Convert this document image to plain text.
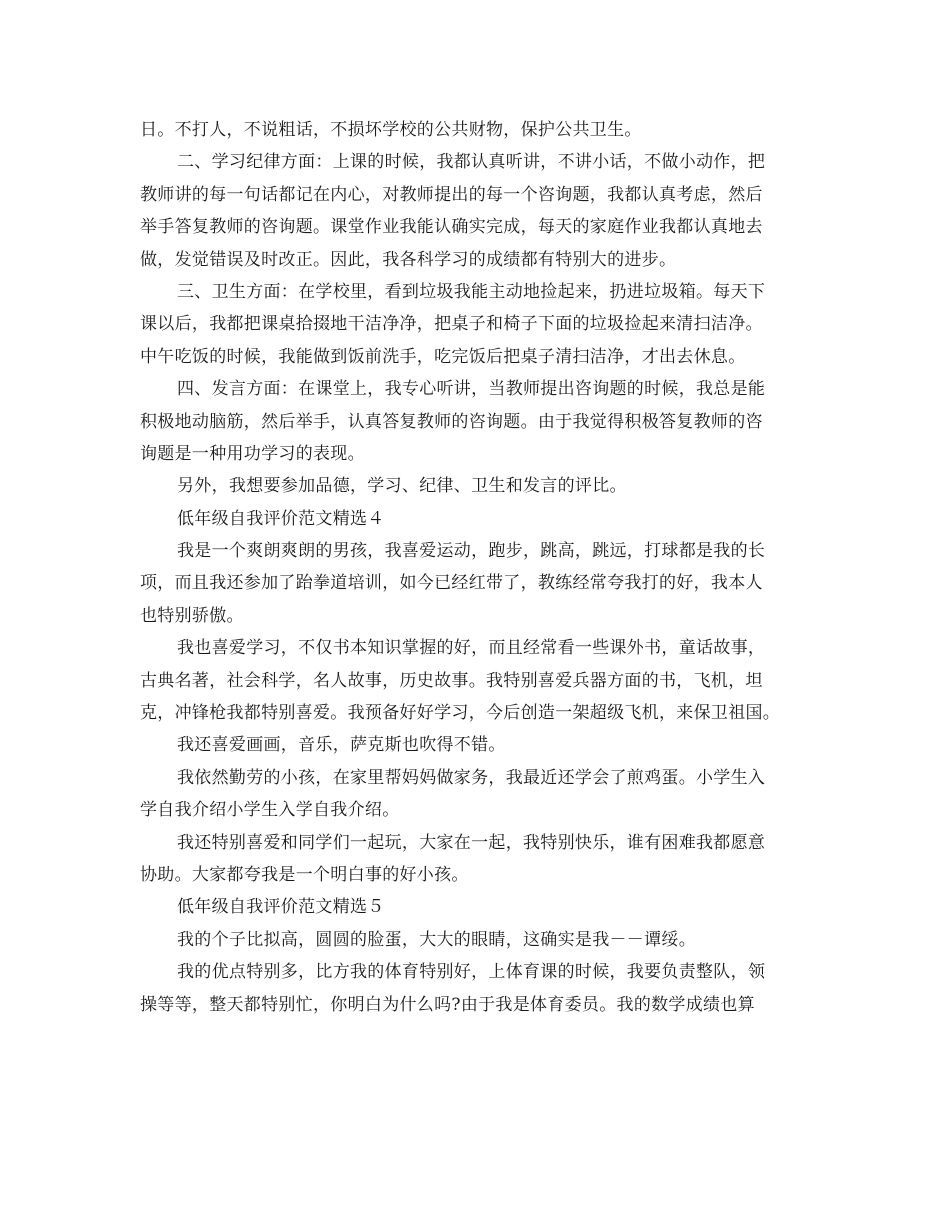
日。不打人，不说粗话，不损坏学校的公共财物，保护公共卫生。
二、学习纪律方面：上课的时候，我都认真听讲，不讲小话，不做小动作，把
教师讲的每一句话都记在内心，对教师提出的每一个咨询题，我都认真考虑，然后
举手答复教师的咨询题。课堂作业我能认确实完成，每天的家庭作业我都认真地去
做，发觉错误及时改正。因此，我各科学习的成绩都有特别大的进步。
三、卫生方面：在学校里，看到垃圾我能主动地捡起来，扔进垃圾箱。每天下
课以后，我都把课桌拾掇地干洁净净，把桌子和椅子下面的垃圾捡起来清扫洁净。
中午吃饭的时候，我能做到饭前洗手，吃完饭后把桌子清扫洁净，才出去休息。
四、发言方面：在课堂上，我专心听讲，当教师提出咨询题的时候，我总是能
积极地动脑筋，然后举手，认真答复教师的咨询题。由于我觉得积极答复教师的咨
询题是一种用功学习的表现。
另外，我想要参加品德，学习、纪律、卫生和发言的评比。
低年级自我评价范文精选４
我是一个爽朗爽朗的男孩，我喜爱运动，跑步，跳高，跳远，打球都是我的长
项，而且我还参加了跆拳道培训，如今已经红带了，教练经常夸我打的好，我本人
也特别骄傲。
我也喜爱学习，不仅书本知识掌握的好，而且经常看一些课外书，童话故事，
古典名著，社会科学，名人故事，历史故事。我特别喜爱兵器方面的书，飞机，坦
克，冲锋枪我都特别喜爱。我预备好好学习，今后创造一架超级飞机，来保卫祖国。
我还喜爱画画，音乐，萨克斯也吹得不错。
我依然勤劳的小孩，在家里帮妈妈做家务，我最近还学会了煎鸡蛋。小学生入
学自我介绍小学生入学自我介绍。
我还特别喜爱和同学们一起玩，大家在一起，我特别快乐，谁有困难我都愿意
协助。大家都夸我是一个明白事的好小孩。
低年级自我评价范文精选５
我的个子比拟高，圆圆的脸蛋，大大的眼睛，这确实是我－－谭绥。
我的优点特别多，比方我的体育特别好，上体育课的时候，我要负责整队，领
操等等，整天都特别忙，你明白为什么吗?由于我是体育委员。我的数学成绩也算
